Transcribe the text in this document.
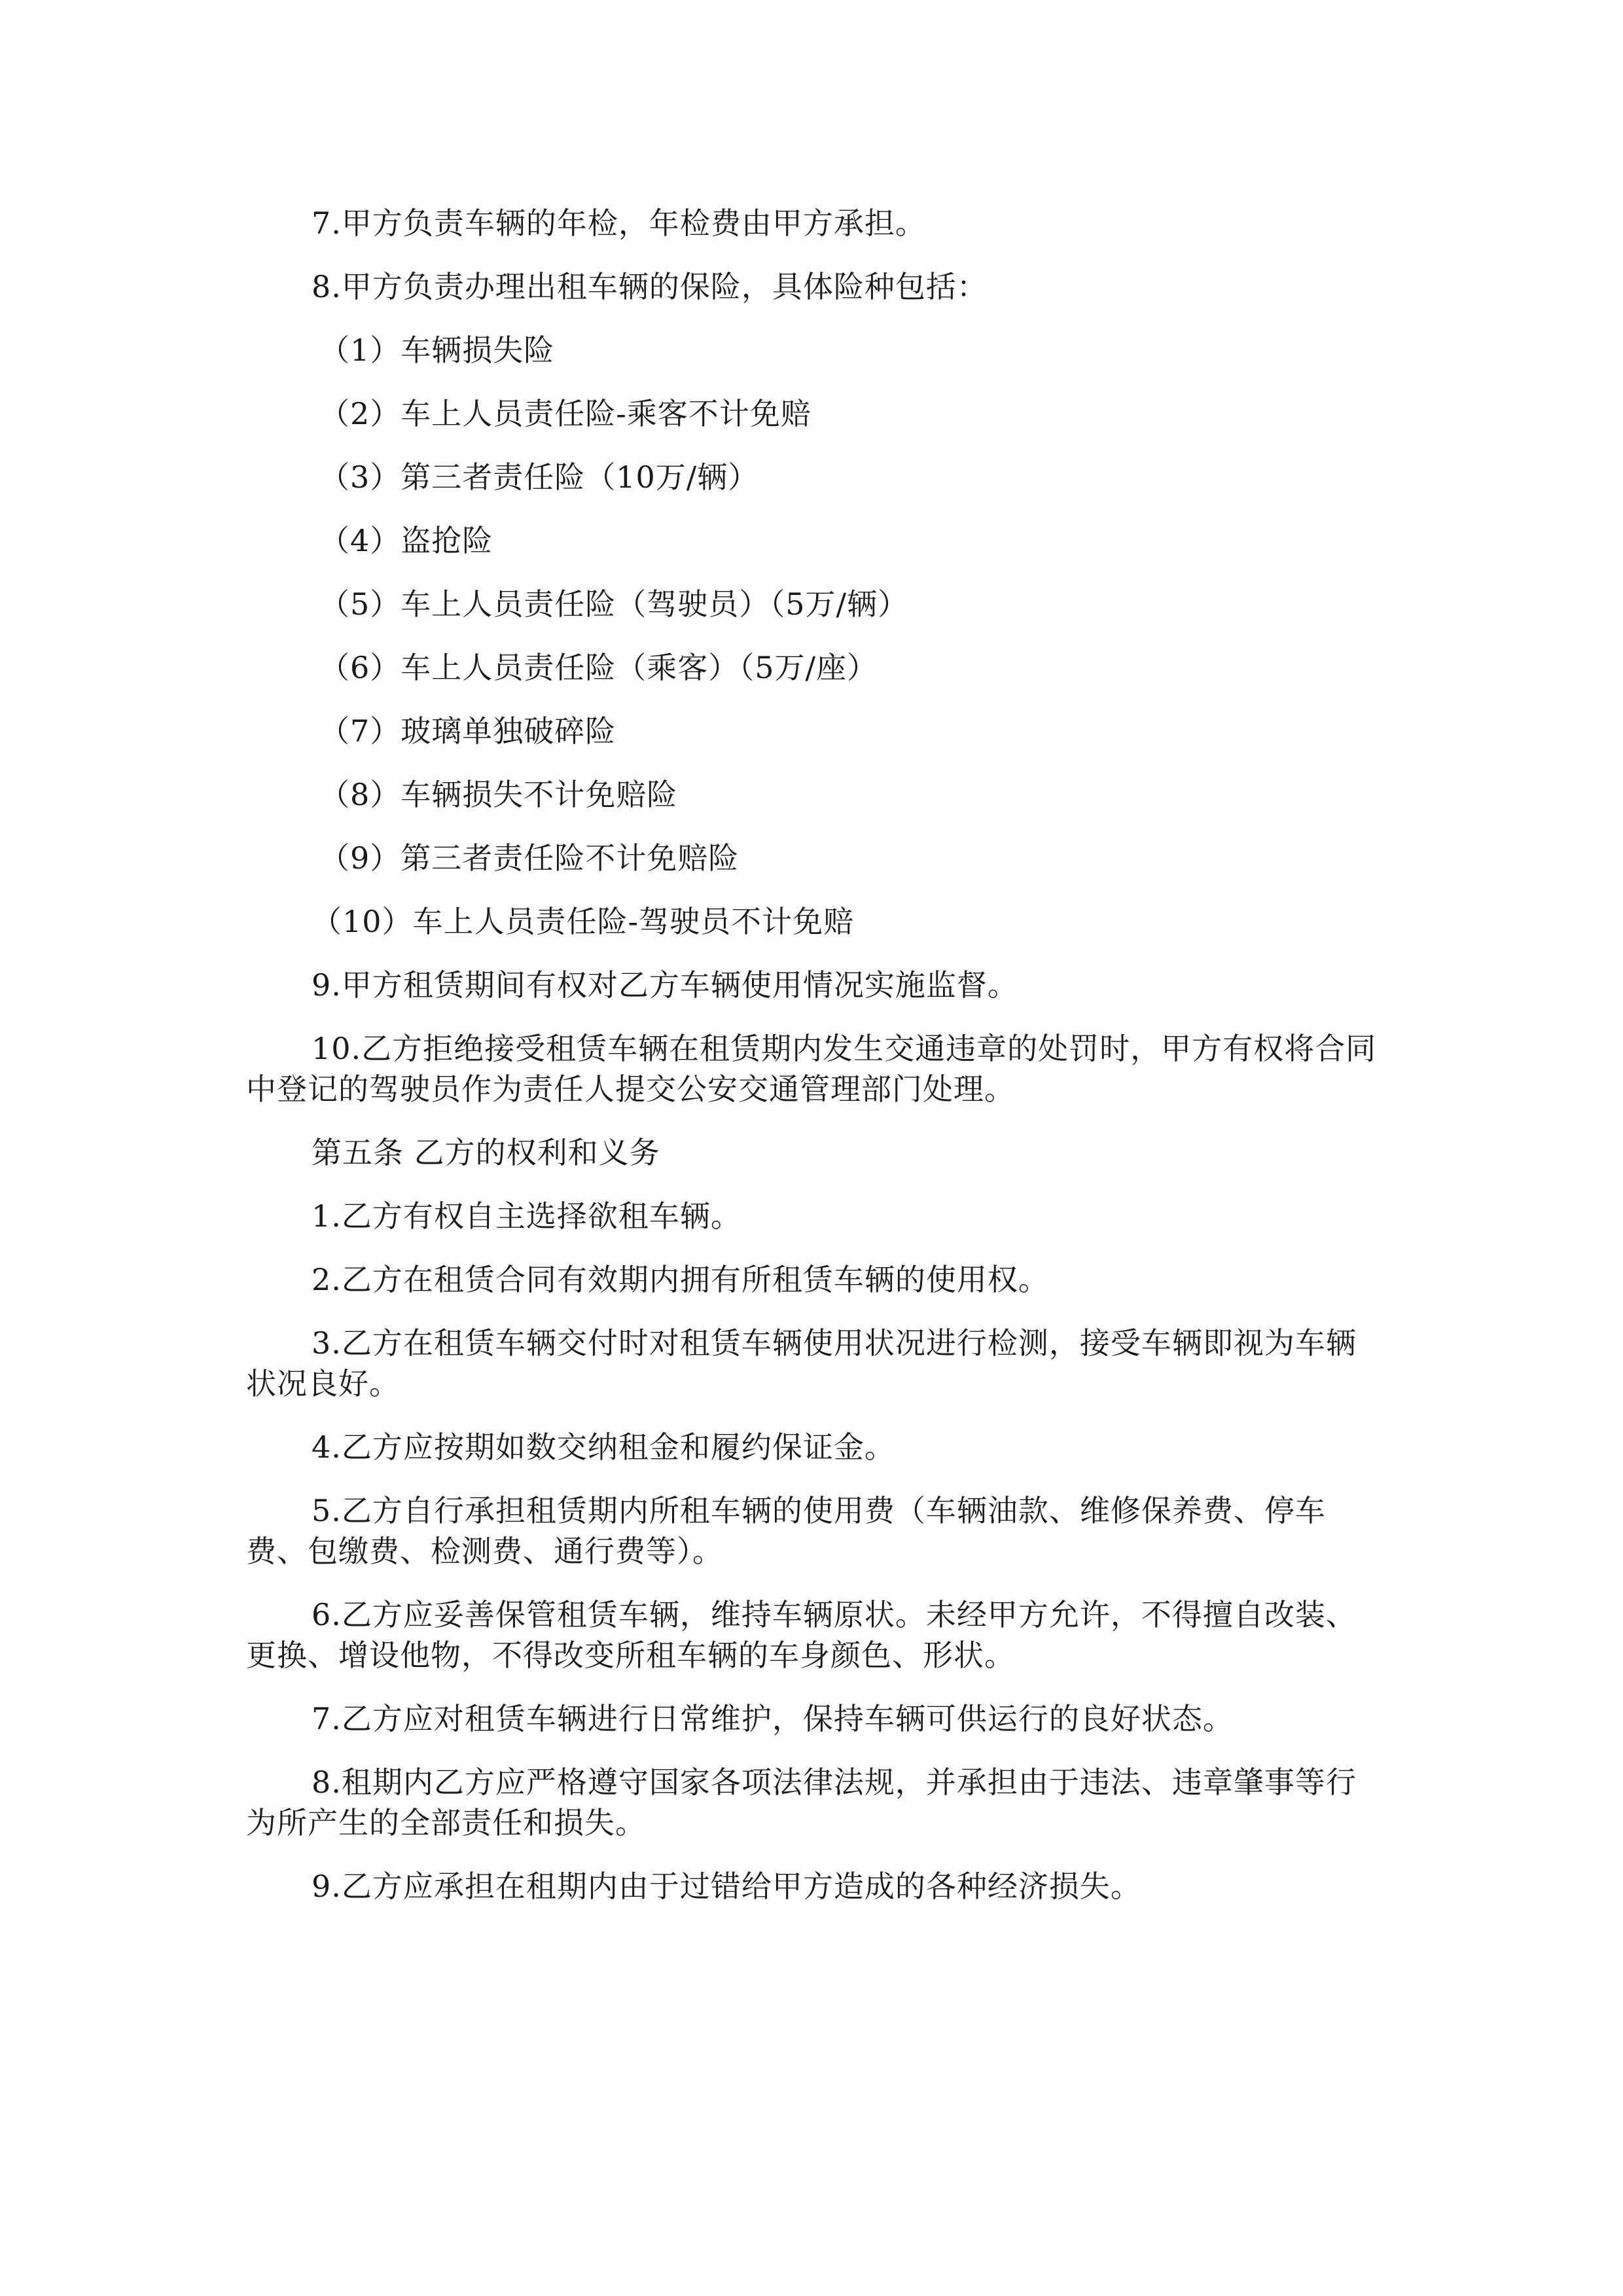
7.甲方负责车辆的年检，年检费由甲方承担。

8.甲方负责办理出租车辆的保险，具体险种包括：

（1）车辆损失险

（2）车上人员责任险-乘客不计免赔

（3）第三者责任险（10万/辆）

（4）盗抢险

（5）车上人员责任险（驾驶员）（5万/辆）

（6）车上人员责任险（乘客）（5万/座）

（7）玻璃单独破碎险

（8）车辆损失不计免赔险

（9）第三者责任险不计免赔险

（10）车上人员责任险-驾驶员不计免赔

9.甲方租赁期间有权对乙方车辆使用情况实施监督。

10.乙方拒绝接受租赁车辆在租赁期内发生交通违章的处罚时，甲方有权将合同中登记的驾驶员作为责任人提交公安交通管理部门处理。

第五条 乙方的权利和义务

1.乙方有权自主选择欲租车辆。

2.乙方在租赁合同有效期内拥有所租赁车辆的使用权。

3.乙方在租赁车辆交付时对租赁车辆使用状况进行检测，接受车辆即视为车辆状况良好。

4.乙方应按期如数交纳租金和履约保证金。

5.乙方自行承担租赁期内所租车辆的使用费（车辆油款、维修保养费、停车费、包缴费、检测费、通行费等）。

6.乙方应妥善保管租赁车辆，维持车辆原状。未经甲方允许，不得擅自改装、更换、增设他物，不得改变所租车辆的车身颜色、形状。

7.乙方应对租赁车辆进行日常维护，保持车辆可供运行的良好状态。

8.租期内乙方应严格遵守国家各项法律法规，并承担由于违法、违章肇事等行为所产生的全部责任和损失。

9.乙方应承担在租期内由于过错给甲方造成的各种经济损失。
